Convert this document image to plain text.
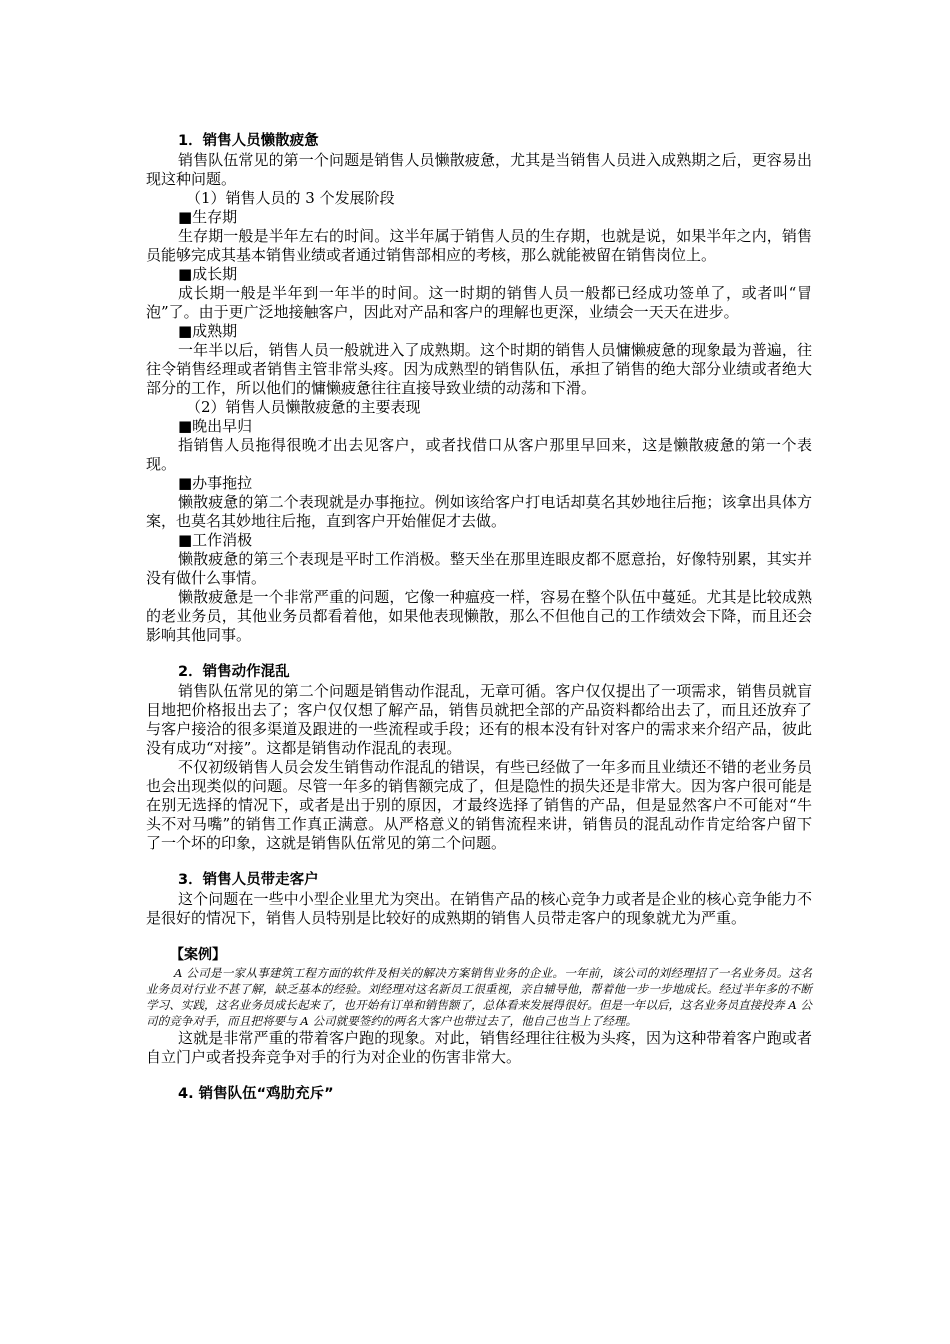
1．销售人员懒散疲惫

销售队伍常见的第一个问题是销售人员懒散疲惫，尤其是当销售人员进入成熟期之后，更容易出现这种问题。

（1）销售人员的 3 个发展阶段

■生存期

生存期一般是半年左右的时间。这半年属于销售人员的生存期，也就是说，如果半年之内，销售员能够完成其基本销售业绩或者通过销售部相应的考核，那么就能被留在销售岗位上。

■成长期

成长期一般是半年到一年半的时间。这一时期的销售人员一般都已经成功签单了，或者叫“冒泡”了。由于更广泛地接触客户，因此对产品和客户的理解也更深，业绩会一天天在进步。

■成熟期

一年半以后，销售人员一般就进入了成熟期。这个时期的销售人员慵懒疲惫的现象最为普遍，往往令销售经理或者销售主管非常头疼。因为成熟型的销售队伍，承担了销售的绝大部分业绩或者绝大部分的工作，所以他们的慵懒疲惫往往直接导致业绩的动荡和下滑。

（2）销售人员懒散疲惫的主要表现

■晚出早归

指销售人员拖得很晚才出去见客户，或者找借口从客户那里早回来，这是懒散疲惫的第一个表现。

■办事拖拉

懒散疲惫的第二个表现就是办事拖拉。例如该给客户打电话却莫名其妙地往后拖；该拿出具体方案，也莫名其妙地往后拖，直到客户开始催促才去做。

■工作消极

懒散疲惫的第三个表现是平时工作消极。整天坐在那里连眼皮都不愿意抬，好像特别累，其实并没有做什么事情。

懒散疲惫是一个非常严重的问题，它像一种瘟疫一样，容易在整个队伍中蔓延。尤其是比较成熟的老业务员，其他业务员都看着他，如果他表现懒散，那么不但他自己的工作绩效会下降，而且还会影响其他同事。

2．销售动作混乱

销售队伍常见的第二个问题是销售动作混乱，无章可循。客户仅仅提出了一项需求，销售员就盲目地把价格报出去了；客户仅仅想了解产品，销售员就把全部的产品资料都给出去了，而且还放弃了与客户接洽的很多渠道及跟进的一些流程或手段；还有的根本没有针对客户的需求来介绍产品，彼此没有成功“对接”。这都是销售动作混乱的表现。

不仅初级销售人员会发生销售动作混乱的错误，有些已经做了一年多而且业绩还不错的老业务员也会出现类似的问题。尽管一年多的销售额完成了，但是隐性的损失还是非常大。因为客户很可能是在别无选择的情况下，或者是出于别的原因，才最终选择了销售的产品，但是显然客户不可能对“牛头不对马嘴”的销售工作真正满意。从严格意义的销售流程来讲，销售员的混乱动作肯定给客户留下了一个坏的印象，这就是销售队伍常见的第二个问题。

3．销售人员带走客户

这个问题在一些中小型企业里尤为突出。在销售产品的核心竞争力或者是企业的核心竞争能力不是很好的情况下，销售人员特别是比较好的成熟期的销售人员带走客户的现象就尤为严重。

【案例】

A 公司是一家从事建筑工程方面的软件及相关的解决方案销售业务的企业。一年前，该公司的刘经理招了一名业务员。这名业务员对行业不甚了解，缺乏基本的经验。刘经理对这名新员工很重视，亲自辅导他，帮着他一步一步地成长。经过半年多的不断学习、实践，这名业务员成长起来了，也开始有订单和销售额了，总体看来发展得很好。但是一年以后，这名业务员直接投奔 A 公司的竞争对手，而且把将要与 A 公司就要签约的两名大客户也带过去了，他自己也当上了经理。

这就是非常严重的带着客户跑的现象。对此，销售经理往往极为头疼，因为这种带着客户跑或者自立门户或者投奔竞争对手的行为对企业的伤害非常大。

4. 销售队伍“鸡肋充斥”
